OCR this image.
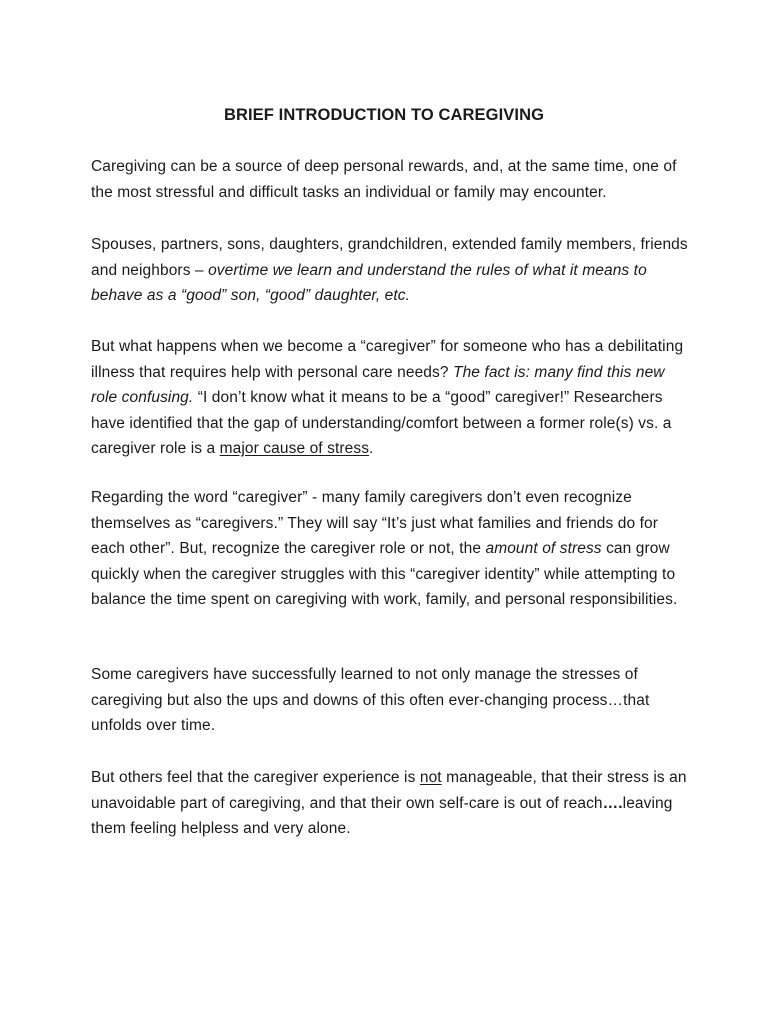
BRIEF INTRODUCTION TO CAREGIVING

Caregiving can be a source of deep personal rewards, and, at the same time, one of the most stressful and difficult tasks an individual or family may encounter.

Spouses, partners, sons, daughters, grandchildren, extended family members, friends and neighbors – overtime we learn and understand the rules of what it means to behave as a “good” son, “good” daughter, etc.

But what happens when we become a “caregiver” for someone who has a debilitating illness that requires help with personal care needs? The fact is: many find this new role confusing. “I don’t know what it means to be a “good” caregiver!” Researchers have identified that the gap of understanding/comfort between a former role(s) vs. a caregiver role is a major cause of stress.

Regarding the word “caregiver” - many family caregivers don’t even recognize themselves as “caregivers.” They will say “It’s just what families and friends do for each other”. But, recognize the caregiver role or not, the amount of stress can grow quickly when the caregiver struggles with this “caregiver identity” while attempting to balance the time spent on caregiving with work, family, and personal responsibilities.

Some caregivers have successfully learned to not only manage the stresses of caregiving but also the ups and downs of this often ever-changing process…that unfolds over time.

But others feel that the caregiver experience is not manageable, that their stress is an unavoidable part of caregiving, and that their own self-care is out of reach….leaving them feeling helpless and very alone.
